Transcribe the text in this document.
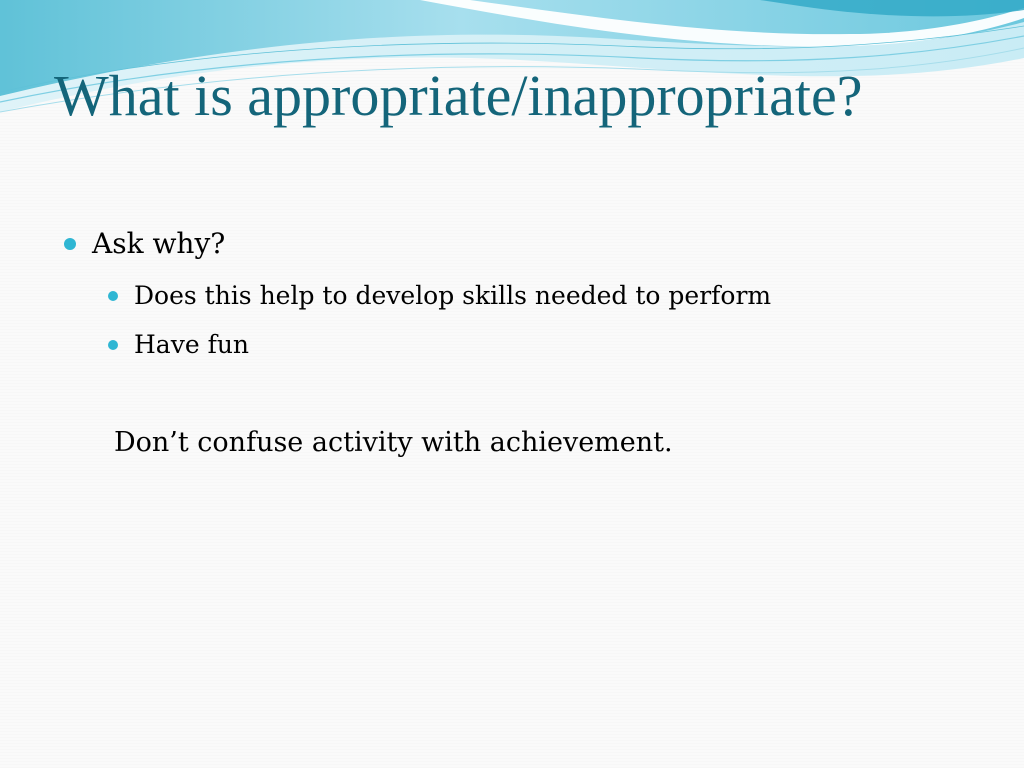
What is appropriate/inappropriate?
Ask why?
Does this help to develop skills needed to perform
Have fun
Don’t confuse activity with achievement.
